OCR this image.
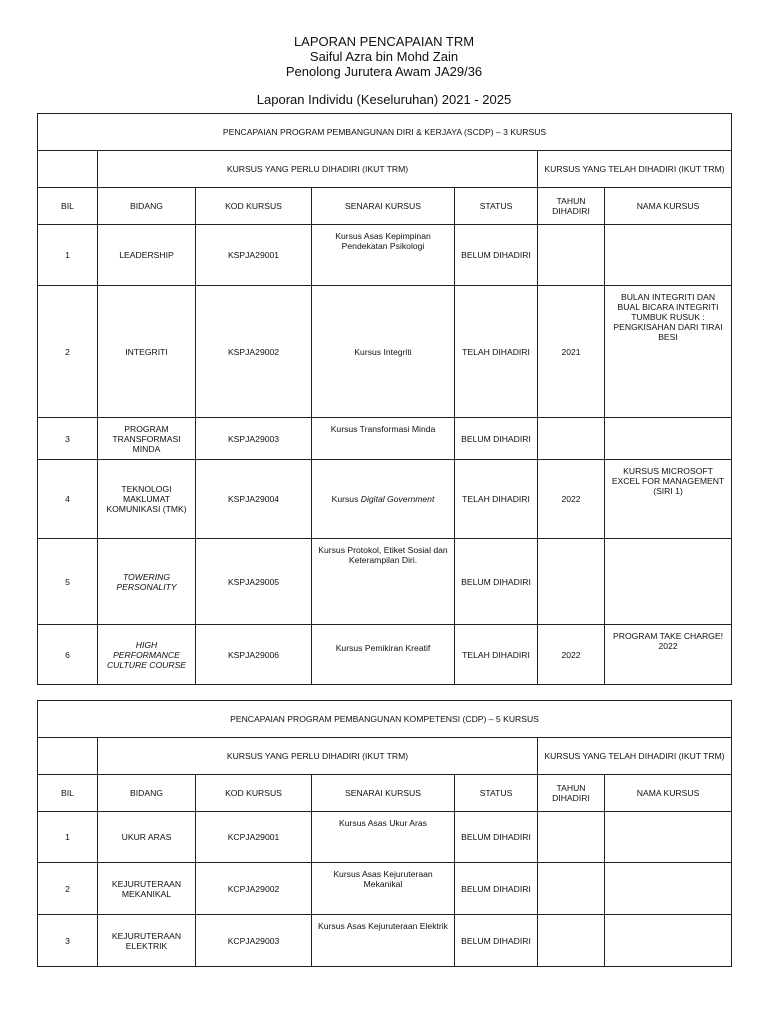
LAPORAN PENCAPAIAN TRM
Saiful Azra bin Mohd Zain
Penolong Jurutera Awam JA29/36
Laporan Individu (Keseluruhan) 2021 - 2025
PENCAPAIAN PROGRAM PEMBANGUNAN DIRI & KERJAYA (SCDP) – 3 KURSUS						
	KURSUS YANG PERLU DIHADIRI (IKUT TRM)				KURSUS YANG TELAH DIHADIRI (IKUT TRM)	
BIL	BIDANG	KOD KURSUS	SENARAI KURSUS	STATUS	TAHUN DIHADIRI	NAMA KURSUS
1	LEADERSHIP	KSPJA29001	Kursus Asas Kepimpinan Pendekatan Psikologi	BELUM DIHADIRI		
2	INTEGRITI	KSPJA29002	Kursus Integriti	TELAH DIHADIRI	2021	BULAN INTEGRITI DAN BUAL BICARA INTEGRITI TUMBUK RUSUK : PENGKISAHAN DARI TIRAI BESI
3	PROGRAM TRANSFORMASI MINDA	KSPJA29003	Kursus Transformasi Minda	BELUM DIHADIRI		
4	TEKNOLOGI MAKLUMAT KOMUNIKASI (TMK)	KSPJA29004	Kursus Digital Government	TELAH DIHADIRI	2022	KURSUS MICROSOFT EXCEL FOR MANAGEMENT (SIRI 1)
5	TOWERING PERSONALITY	KSPJA29005	Kursus Protokol, Etiket Sosial dan Keterampilan Diri.	BELUM DIHADIRI		
6	HIGH PERFORMANCE CULTURE COURSE	KSPJA29006	Kursus Pemikiran Kreatif	TELAH DIHADIRI	2022	PROGRAM TAKE CHARGE! 2022
PENCAPAIAN PROGRAM PEMBANGUNAN KOMPETENSI (CDP) – 5 KURSUS						
	KURSUS YANG PERLU DIHADIRI (IKUT TRM)				KURSUS YANG TELAH DIHADIRI (IKUT TRM)	
BIL	BIDANG	KOD KURSUS	SENARAI KURSUS	STATUS	TAHUN DIHADIRI	NAMA KURSUS
1	UKUR ARAS	KCPJA29001	Kursus Asas Ukur Aras	BELUM DIHADIRI		
2	KEJURUTERAAN MEKANIKAL	KCPJA29002	Kursus Asas Kejuruteraan Mekanikal	BELUM DIHADIRI		
3	KEJURUTERAAN ELEKTRIK	KCPJA29003	Kursus Asas Kejuruteraan Elektrik	BELUM DIHADIRI		
